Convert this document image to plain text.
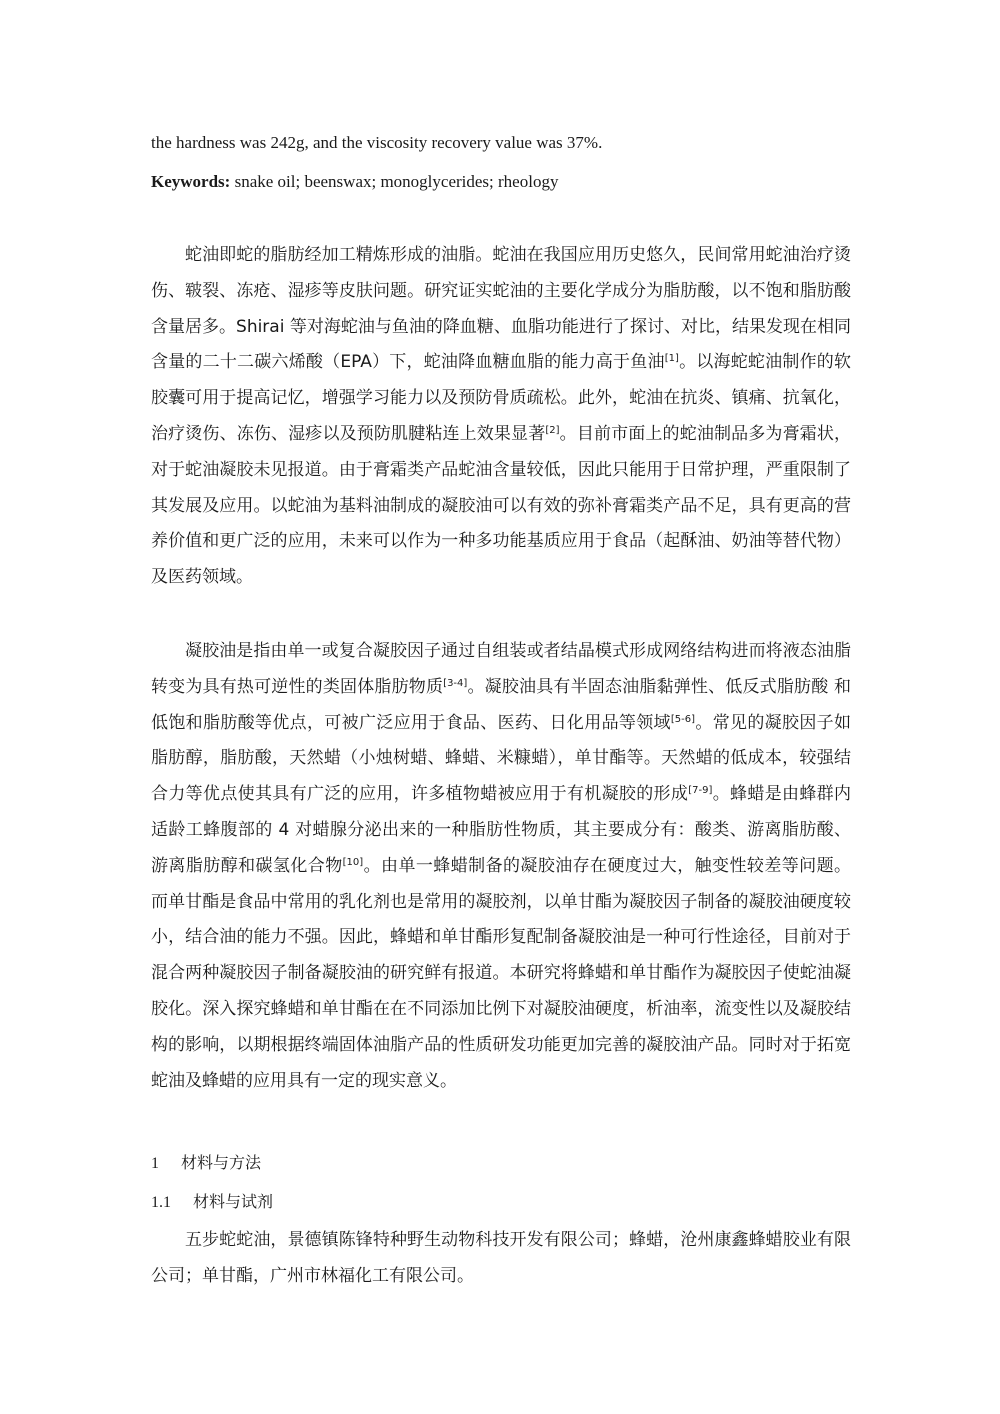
the hardness was 242g, and the viscosity recovery value was 37%.
Keywords: snake oil; beenswax; monoglycerides; rheology

蛇油即蛇的脂肪经加工精炼形成的油脂。蛇油在我国应用历史悠久，民间常用蛇油治疗烫伤、皲裂、冻疮、湿疹等皮肤问题。研究证实蛇油的主要化学成分为脂肪酸，以不饱和脂肪酸含量居多。Shirai 等对海蛇油与鱼油的降血糖、血脂功能进行了探讨、对比，结果发现在相同含量的二十二碳六烯酸（EPA）下，蛇油降血糖血脂的能力高于鱼油[1]。以海蛇蛇油制作的软胶囊可用于提高记忆，增强学习能力以及预防骨质疏松。此外，蛇油在抗炎、镇痛、抗氧化，治疗烫伤、冻伤、湿疹以及预防肌腱粘连上效果显著[2]。目前市面上的蛇油制品多为膏霜状，对于蛇油凝胶未见报道。由于膏霜类产品蛇油含量较低，因此只能用于日常护理，严重限制了其发展及应用。以蛇油为基料油制成的凝胶油可以有效的弥补膏霜类产品不足，具有更高的营养价值和更广泛的应用，未来可以作为一种多功能基质应用于食品（起酥油、奶油等替代物）及医药领域。

凝胶油是指由单一或复合凝胶因子通过自组装或者结晶模式形成网络结构进而将液态油脂转变为具有热可逆性的类固体脂肪物质[3-4]。凝胶油具有半固态油脂黏弹性、低反式脂肪酸 和低饱和脂肪酸等优点，可被广泛应用于食品、医药、日化用品等领域[5-6]。常见的凝胶因子如脂肪醇，脂肪酸，天然蜡（小烛树蜡、蜂蜡、米糠蜡），单甘酯等。天然蜡的低成本，较强结合力等优点使其具有广泛的应用，许多植物蜡被应用于有机凝胶的形成[7-9]。蜂蜡是由蜂群内适龄工蜂腹部的 4 对蜡腺分泌出来的一种脂肪性物质，其主要成分有：酸类、游离脂肪酸、游离脂肪醇和碳氢化合物[10]。由单一蜂蜡制备的凝胶油存在硬度过大，触变性较差等问题。而单甘酯是食品中常用的乳化剂也是常用的凝胶剂，以单甘酯为凝胶因子制备的凝胶油硬度较小，结合油的能力不强。因此，蜂蜡和单甘酯形复配制备凝胶油是一种可行性途径，目前对于混合两种凝胶因子制备凝胶油的研究鲜有报道。本研究将蜂蜡和单甘酯作为凝胶因子使蛇油凝胶化。深入探究蜂蜡和单甘酯在在不同添加比例下对凝胶油硬度，析油率，流变性以及凝胶结构的影响，以期根据终端固体油脂产品的性质研发功能更加完善的凝胶油产品。同时对于拓宽蛇油及蜂蜡的应用具有一定的现实意义。

1 材料与方法
1.1 材料与试剂

五步蛇蛇油，景德镇陈锋特种野生动物科技开发有限公司；蜂蜡，沧州康鑫蜂蜡胶业有限公司；单甘酯，广州市林福化工有限公司。
